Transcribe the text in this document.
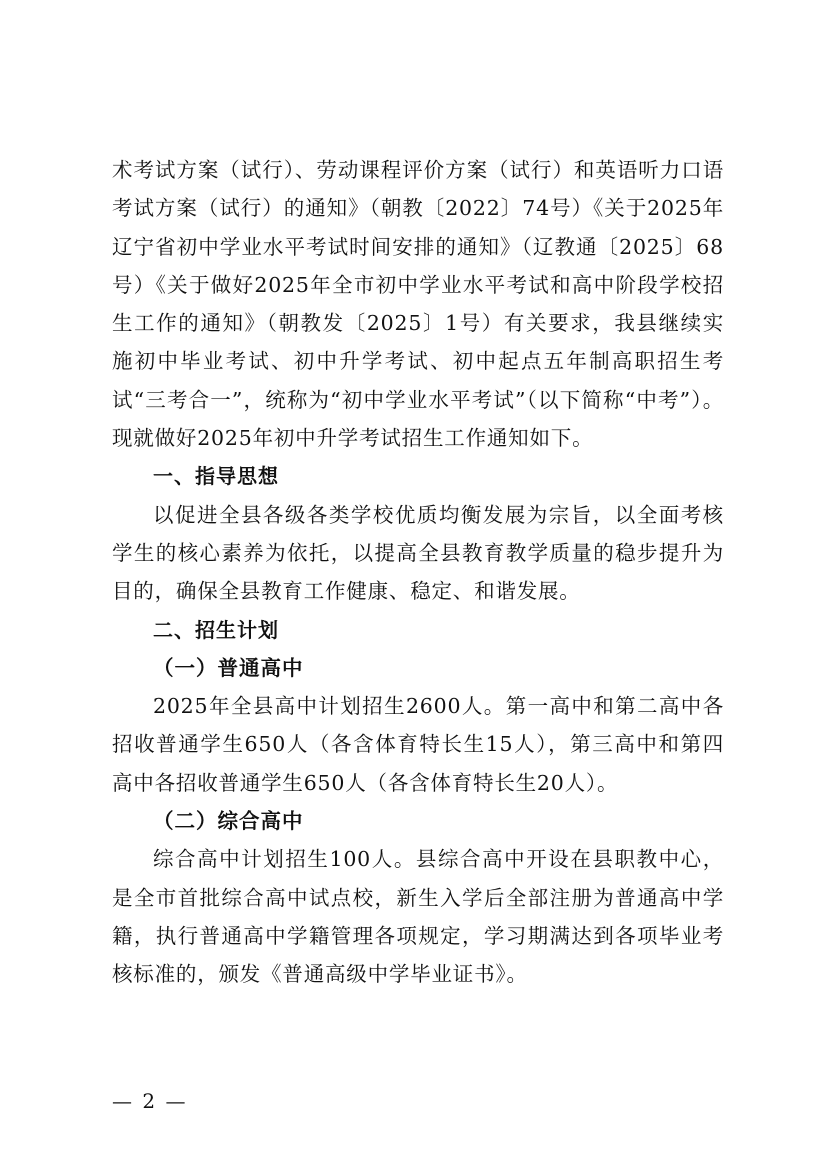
术考试方案（试行）、劳动课程评价方案（试行）和英语听力口语考试方案（试行）的通知》（朝教〔2022〕74号）《关于2025年辽宁省初中学业水平考试时间安排的通知》（辽教通〔2025〕68号）《关于做好2025年全市初中学业水平考试和高中阶段学校招生工作的通知》（朝教发〔2025〕1号）有关要求，我县继续实施初中毕业考试、初中升学考试、初中起点五年制高职招生考试“三考合一”，统称为“初中学业水平考试”（以下简称“中考”）。现就做好2025年初中升学考试招生工作通知如下。

一、指导思想

以促进全县各级各类学校优质均衡发展为宗旨，以全面考核学生的核心素养为依托，以提高全县教育教学质量的稳步提升为目的，确保全县教育工作健康、稳定、和谐发展。

二、招生计划

（一）普通高中

2025年全县高中计划招生2600人。第一高中和第二高中各招收普通学生650人（各含体育特长生15人），第三高中和第四高中各招收普通学生650人（各含体育特长生20人）。

（二）综合高中

综合高中计划招生100人。县综合高中开设在县职教中心，是全市首批综合高中试点校，新生入学后全部注册为普通高中学籍，执行普通高中学籍管理各项规定，学习期满达到各项毕业考核标准的，颁发《普通高级中学毕业证书》。

— 2 —
